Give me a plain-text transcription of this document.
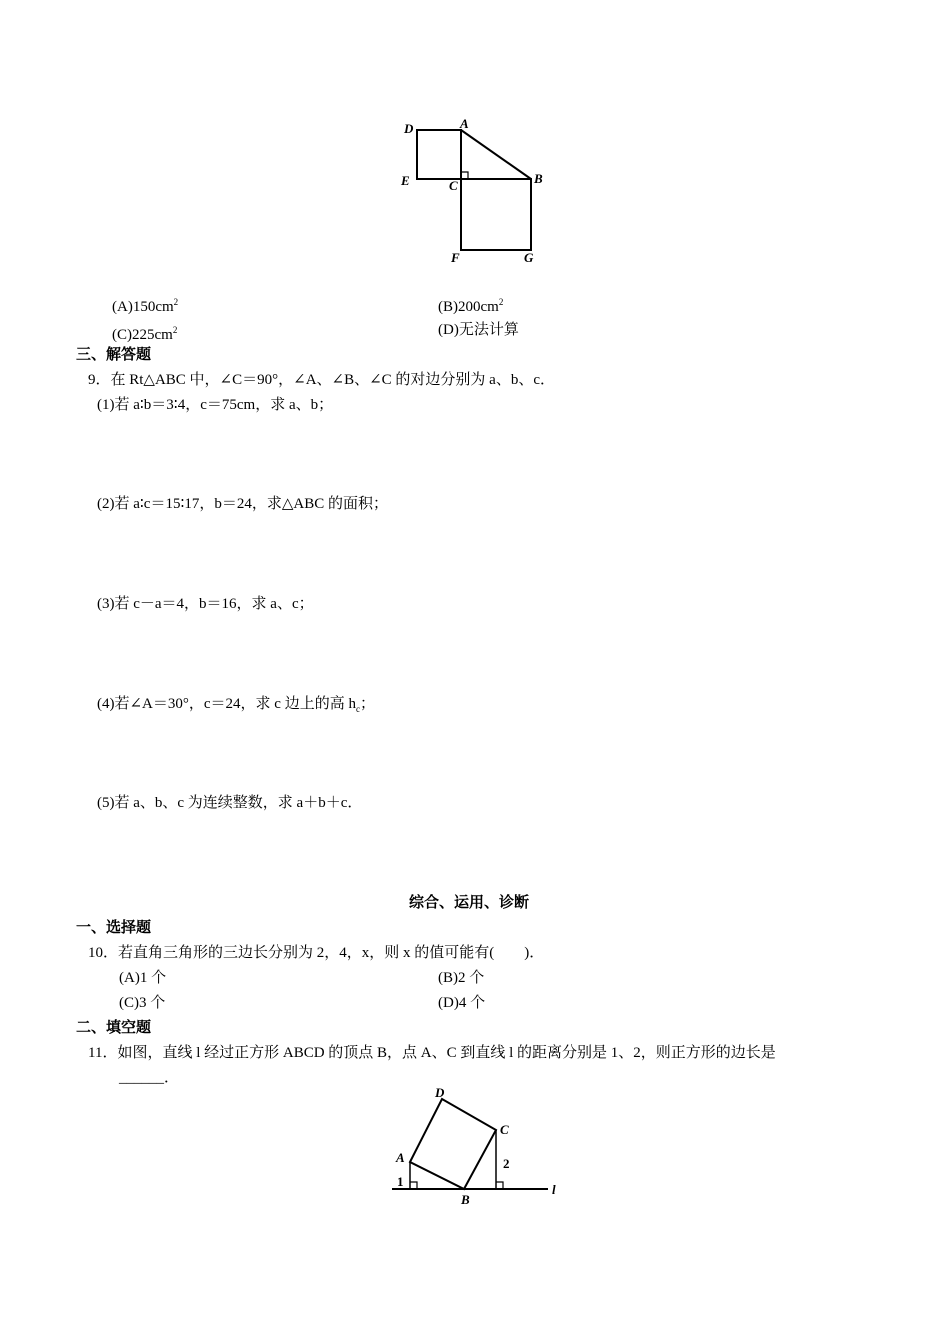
D	A
E	C	B
F	G
$(A)150cm^2$	$(B)200cm^2$
$(C)225cm^2$	(D)无法计算
三、解答题
9．在 Rt△ABC 中，∠C＝90°，∠A、∠B、∠C 的对边分别为 a、b、c．
(1)若 a∶b＝3∶4，c＝75cm，求 a、b；
(2)若 a∶c＝15∶17，b＝24，求△ABC 的面积；
(3)若 c－a＝4，b＝16，求 a、c；
(4)若∠A＝30°，c＝24，求 c 边上的高 $h_c$；
(5)若 a、b、c 为连续整数，求 a＋b＋c．
综合、运用、诊断
一、选择题
10．若直角三角形的三边长分别为 2，4，x，则 x 的值可能有(　　)．
(A)1 个	(B)2 个
(C)3 个	(D)4 个
二、填空题
11．如图，直线 l 经过正方形 ABCD 的顶点 B，点 A、C 到直线 l 的距离分别是 1、2，则正方形的边长是
______．
D
C
A
B
l
1
2
